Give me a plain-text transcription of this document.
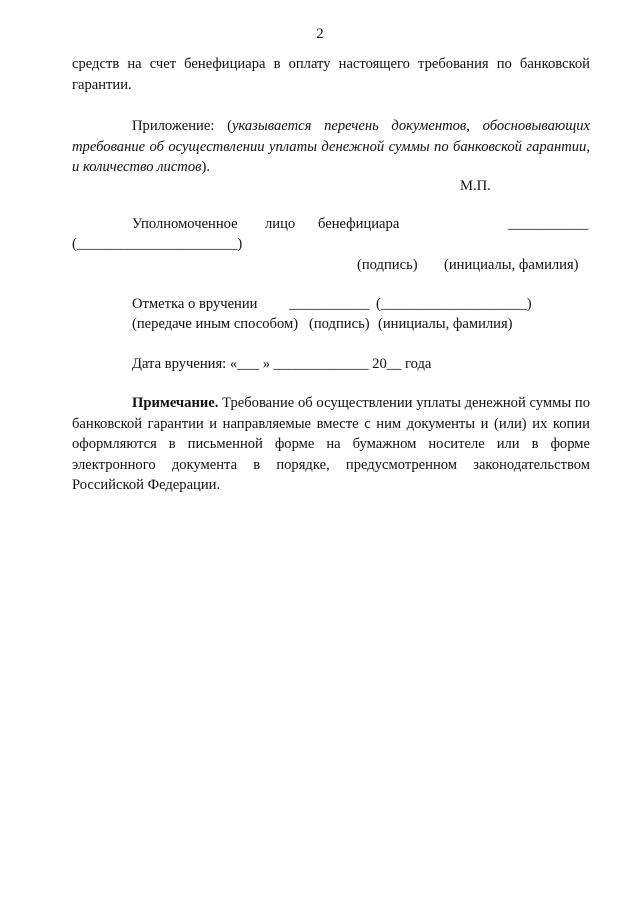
2
средств на счет бенефициара в оплату настоящего требования по банковской гарантии.
Приложение: (указывается перечень документов, обосновывающих требование об осуществлении уплаты денежной суммы по банковской гарантии, и количество листов).
М.П.
Уполномоченное лицо бенефициара	___________
(______________________)
(подпись) (инициалы, фамилия)
Отметка о вручении ___________ (____________________)
(передаче иным способом) (подпись) (инициалы, фамилия)
Дата вручения: «___ » _____________ 20__ года
Примечание. Требование об осуществлении уплаты денежной суммы по банковской гарантии и направляемые вместе с ним документы и (или) их копии оформляются в письменной форме на бумажном носителе или в форме электронного документа в порядке, предусмотренном законодательством Российской Федерации.
